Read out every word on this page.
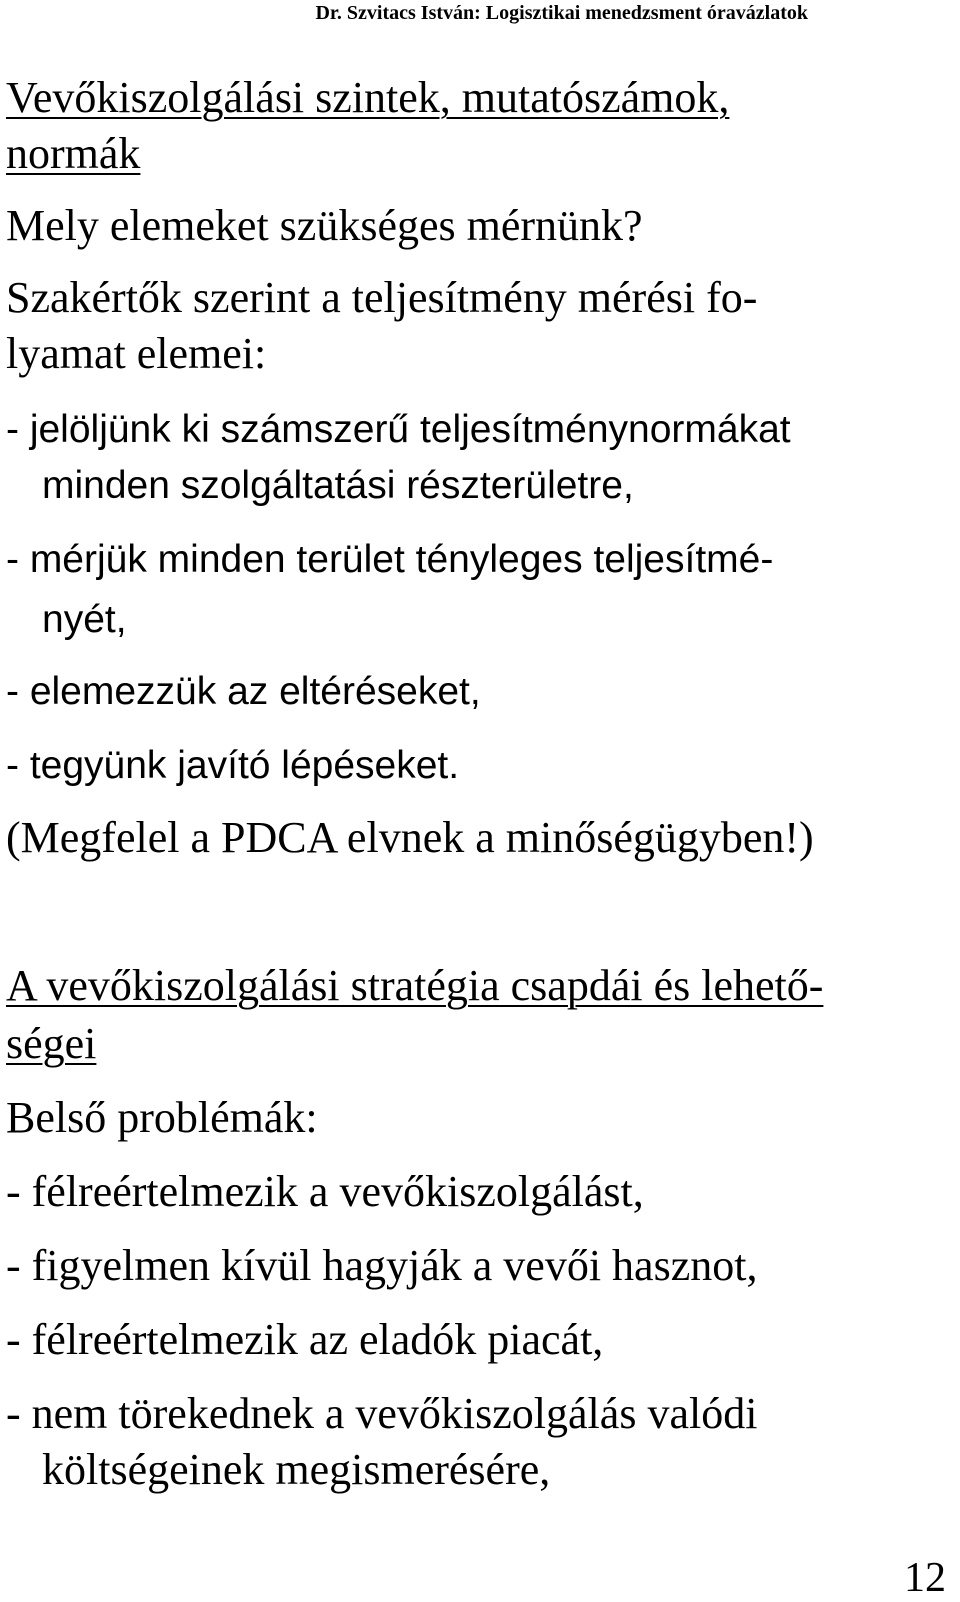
Dr. Szvitacs István: Logisztikai menedzsment óravázlatok
Vevőkiszolgálási szintek, mutatószámok,
normák
Mely elemeket szükséges mérnünk?
Szakértők szerint a teljesítmény mérési fo-
lyamat elemei:
- jelöljünk ki számszerű teljesítménynormákat
minden szolgáltatási részterületre,
- mérjük minden terület tényleges teljesítmé-
nyét,
- elemezzük az eltéréseket,
- tegyünk javító lépéseket.
(Megfelel a PDCA elvnek a minőségügyben!)
A vevőkiszolgálási stratégia csapdái és lehető-
ségei
Belső problémák:
- félreértelmezik a vevőkiszolgálást,
- figyelmen kívül hagyják a vevői hasznot,
- félreértelmezik az eladók piacát,
- nem törekednek a vevőkiszolgálás valódi
költségeinek megismerésére,
12
